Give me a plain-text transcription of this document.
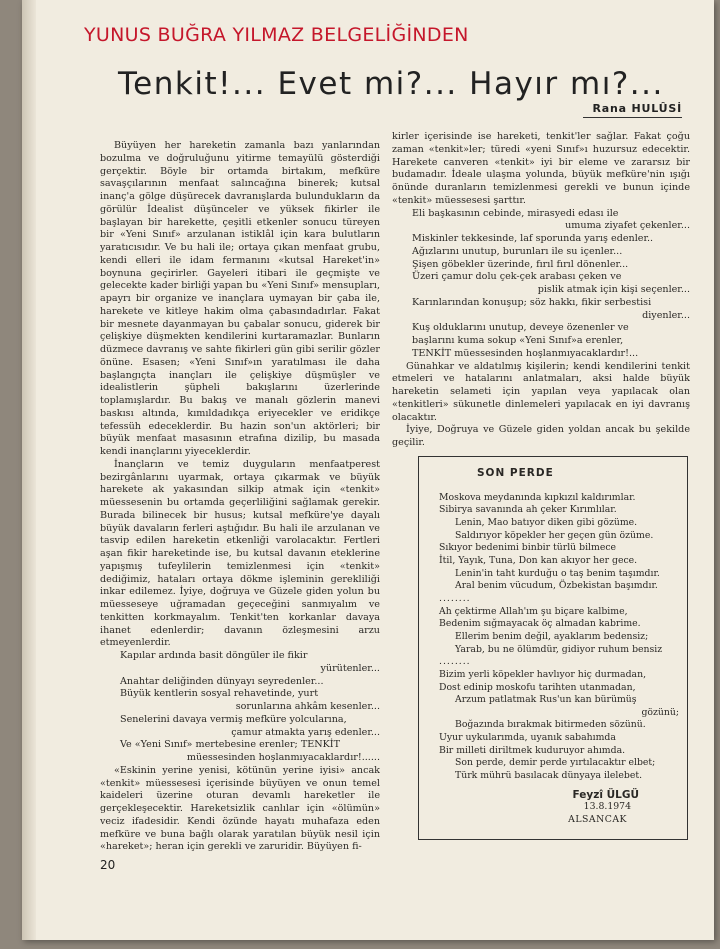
YUNUS BUĞRA YILMAZ BELGELİĞİNDEN
Tenkit!... Evet mi?... Hayır mı?...
Rana HULÛSİ

Büyüyen her hareketin zamanla bazı yanlarından bozulma ve doğruluğunu yitirme temayülü gösterdiği gerçektir. Böyle bir ortamda birtakım, mefküre savaşçılarının menfaat salıncağına binerek; kutsal inanç'a gölge düşürecek davranışlarda bulundukların da görülür İdealist düşünceler ve yüksek fikirler ile başlayan bir harekette, çeşitli etkenler sonucu türeyen bir «Yeni Sınıf» arzulanan istiklâl için kara bulutların yaratıcısıdır. Ve bu hali ile; ortaya çıkan menfaat grubu, kendi elleri ile idam fermanını «kutsal Hareket'in» boynuna geçirirler. Gayeleri itibari ile geçmişte ve gelecekte kader birliği yapan bu «Yeni Sınıf» mensupları, apayrı bir organize ve inançlara uymayan bir çaba ile, harekete ve kitleye hakim olma çabasındadırlar. Fakat bir mesnete dayanmayan bu çabalar sonucu, giderek bir çelişkiye düşmekten kendilerini kurtaramazlar. Bunların düzmece davranış ve sahte fikirleri gün gibi serilir gözler önüne. Esasen; «Yeni Sınıf»ın yaratılması ile daha başlangıçta inançları ile çelişkiye düşmüşler ve idealistlerin şüpheli bakışlarını üzerlerinde toplamışlardır. Bu bakış ve manalı gözlerin manevi baskısı altında, kımıldadıkça eriyecekler ve eridikçe tefessüh edeceklerdir. Bu hazin son'un aktörleri; bir büyük menfaat masasının etrafına dizilip, bu masada kendi inançlarını yiyeceklerdir.

İnançların ve temiz duyguların menfaatperest bezirgânlarını uyarmak, ortaya çıkarmak ve büyük harekete ak yakasından silkip atmak için «tenkit» müessesenin bu ortamda geçerliliğini sağlamak gerekir. Burada bilinecek bir husus; kutsal mefküre'ye dayalı büyük davaların ferleri aştığıdır. Bu hali ile arzulanan ve tasvip edilen hareketin etkenliği varolacaktır. Fertleri aşan fikir hareketinde ise, bu kutsal davanın eteklerine yapışmış tufeylilerin temizlenmesi için «tenkit» dediğimiz, hataları ortaya dökme işleminin gerekliliği inkar edilemez. İyiye, doğruya ve Güzele giden yolun bu müesseseye uğramadan geçeceğini sanmıyalım ve tenkitten korkmayalım. Tenkit'ten korkanlar davaya ihanet edenlerdir; davanın özleşmesini arzu etmeyenlerdir.

Kapılar ardında basit döngüler ile fikir
yürütenler...
Anahtar deliğinden dünyayı seyredenler...
Büyük kentlerin sosyal rehavetinde, yurt
sorunlarına ahkâm kesenler...
Senelerini davaya vermiş mefküre yolcularına,
çamur atmakta yarış edenler...
Ve «Yeni Sınıf» mertebesine erenler; TENKİT
müessesinden hoşlanmıyacaklardır!......

«Eskinin yerine yenisi, kötünün yerine iyisi» ancak «tenkit» müessesesi içerisinde büyüyen ve onun temel kaideleri üzerine oturan devamlı hareketler ile gerçekleşecektir. Hareketsizlik canlılar için «ölümün» veciz ifadesidir. Kendi özünde hayatı muhafaza eden mefküre ve buna bağlı olarak yaratılan büyük nesil için «hareket»; heran için gerekli ve zaruridir. Büyüyen fi-

kirler içerisinde ise hareketi, tenkit'ler sağlar. Fakat çoğu zaman «tenkit»ler; türedi «yeni Sınıf»ı huzursuz edecektir. Harekete canveren «tenkit» iyi bir eleme ve zararsız bir budamadır. İdeale ulaşma yolunda, büyük mefküre'nin ışığı önünde duranların temizlenmesi gerekli ve bunun içinde «tenkit» müessesesi şarttır.

Eli başkasının cebinde, mirasyedi edası ile
umuma ziyafet çekenler...
Miskinler tekkesinde, laf sporunda yarış edenler..
Ağızlarını unutup, burunları ile su içenler...
Şişen göbekler üzerinde, fırıl fırıl dönenler...
Üzeri çamur dolu çek-çek arabası çeken ve
pislik atmak için kişi seçenler...
Karınlarından konuşup; söz hakkı, fikir serbestisi
diyenler...
Kuş olduklarını unutup, deveye özenenler ve
başlarını kuma sokup «Yeni Sınıf»a erenler,
TENKİT müessesinden hoşlanmıyacaklardır!...

Günahkar ve aldatılmış kişilerin; kendi kendilerini tenkit etmeleri ve hatalarını anlatmaları, aksi halde büyük hareketin selameti için yapılan veya yapılacak olan «tenkitleri» sükunetle dinlemeleri yapılacak en iyi davranış olacaktır.

İyiye, Doğruya ve Güzele giden yoldan ancak bu şekilde geçilir.

SON PERDE
Moskova meydanında kıpkızıl kaldırımlar.
Sibirya savanında ah çeker Kırımlılar.
Lenin, Mao batıyor diken gibi gözüme.
Saldırıyor köpekler her geçen gün özüme.
Sıkıyor bedenimi binbir türlü bilmece
İtil, Yayık, Tuna, Don kan akıyor her gece.
Lenin'in taht kurduğu o taş benim taşımdır.
Aral benim vücudum, Özbekistan başımdır.
........
Ah çektirme Allah'ım şu biçare kalbime,
Bedenim sığmayacak öç almadan kabrime.
Ellerim benim değil, ayaklarım bedensiz;
Yarab, bu ne ölümdür, gidiyor ruhum bensiz
........
Bizim yerli köpekler havlıyor hiç durmadan,
Dost edinip moskofu tarihten utanmadan,
Arzum patlatmak Rus'un kan bürümüş
gözünü;
Boğazında bırakmak bitirmeden sözünü.
Uyur uykularımda, uyanık sabahımda
Bir milleti diriltmek kuduruyor ahımda.
Son perde, demir perde yırtılacaktır elbet;
Türk mührü basılacak dünyaya ilelebet.
Feyzî ÜLGÜ
13.8.1974
ALSANCAK
20
